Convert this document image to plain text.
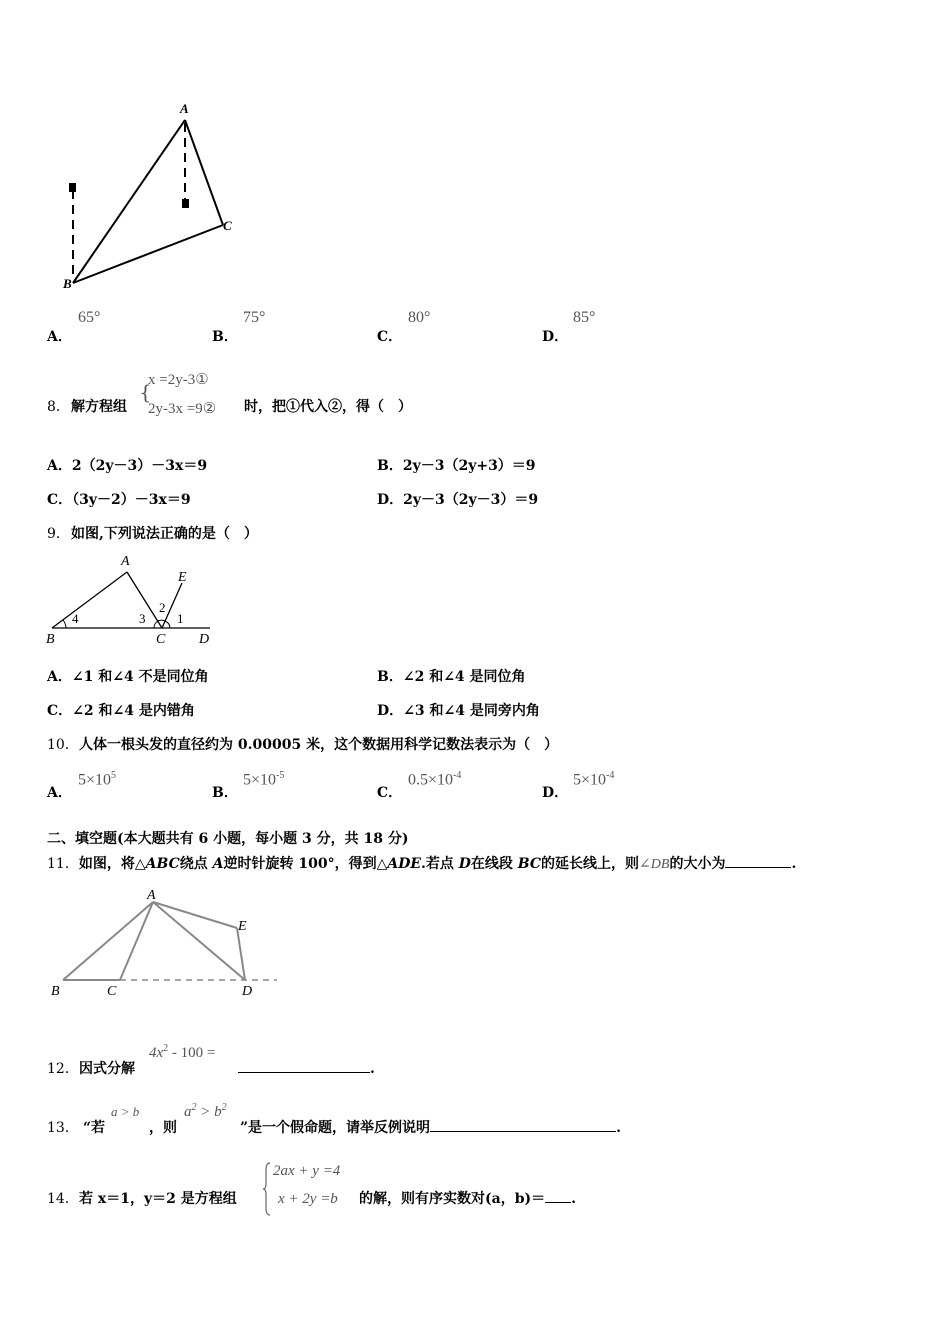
A
B
C
A．
65°
B．
75°
C．
80°
D．
85°
8． 解方程组
{
x =2y-3①
2y-3x =9② 时，把①代入②，得（　）
A．2（2y－3）－3x＝9	B．2y－3（2y+3）＝9
C．（3y－2）－3x＝9	D．2y－3（2y－3）＝9
9． 如图,下列说法正确的是（　）
A
E
B	C D
4	3
2
1
A．∠1 和∠4 不是同位角	B．∠2 和∠4 是同位角
C．∠2 和∠4 是内错角	D．∠3 和∠4 是同旁内角
10． 人体一根头发的直径约为 0.00005 米，这个数据用科学记数法表示为（　）
A．
$5\times 10^5$
B．
$5\times 10^{-5}$
C．
$0.5\times 10^{-4}$
D．
$5\times 10^{-4}$
二、填空题(本大题共有 6 小题，每小题 3 分，共 18 分)
11．如图，将△ABC绕点 A逆时针旋转 100°，得到△ADE.若点 D在线段 BC的延长线上，则∠DB的大小为	.
A
E
B	C	D
12． 因式分解
$4x^2 - 100$ =
.
13． “若
a > b
，则
$a^2 > b^2$
”是一个假命题，请举反例说明	.
14． 若 x＝1，y＝2 是方程组
2ax + y =4
x + 2y =b 的解，则有序实数对(a，b)＝ .
